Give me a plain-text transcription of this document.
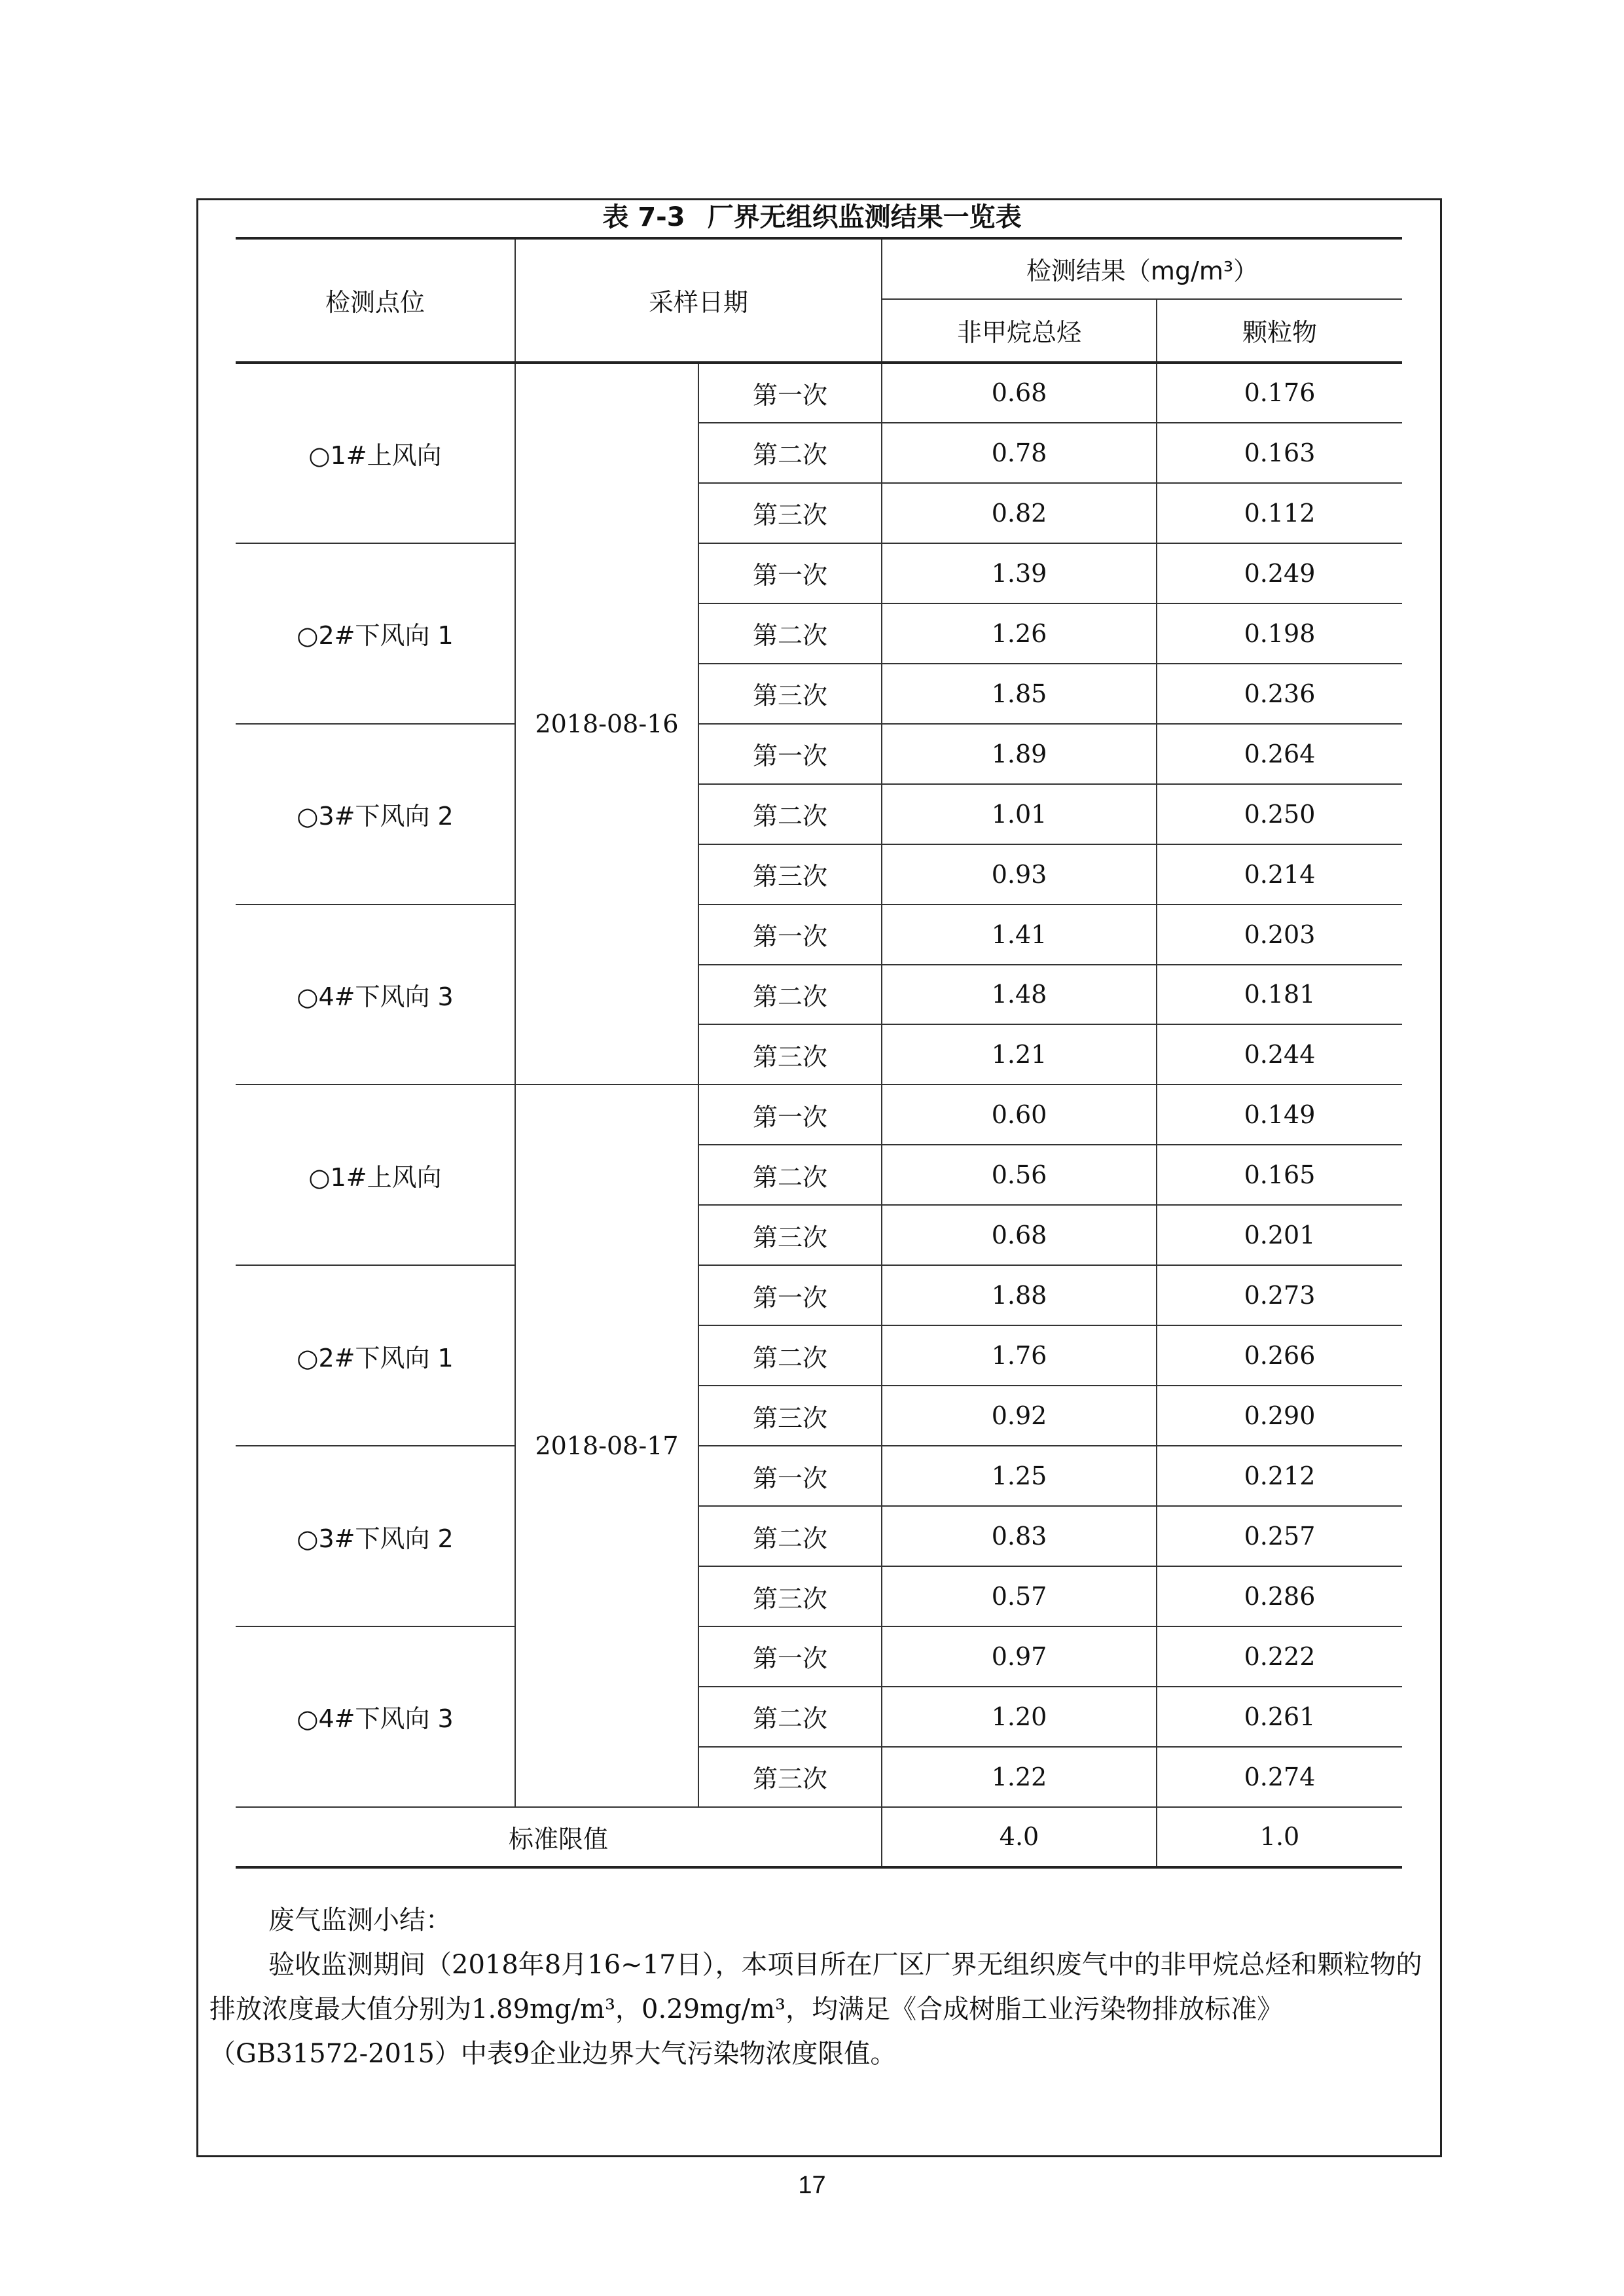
表 7-3 厂界无组织监测结果一览表
检测点位	采样日期		检测结果（mg/m³）	
			非甲烷总烃	颗粒物
○1#上风向	2018-08-16	第一次	0.68	0.176
		第二次	0.78	0.163
		第三次	0.82	0.112
○2#下风向 1		第一次	1.39	0.249
		第二次	1.26	0.198
		第三次	1.85	0.236
○3#下风向 2		第一次	1.89	0.264
		第二次	1.01	0.250
		第三次	0.93	0.214
○4#下风向 3		第一次	1.41	0.203
		第二次	1.48	0.181
		第三次	1.21	0.244
○1#上风向	2018-08-17	第一次	0.60	0.149
		第二次	0.56	0.165
		第三次	0.68	0.201
○2#下风向 1		第一次	1.88	0.273
		第二次	1.76	0.266
		第三次	0.92	0.290
○3#下风向 2		第一次	1.25	0.212
		第二次	0.83	0.257
		第三次	0.57	0.286
○4#下风向 3		第一次	0.97	0.222
		第二次	1.20	0.261
		第三次	1.22	0.274
标准限值			4.0	1.0

废气监测小结：

验收监测期间（2018年8月16~17日），本项目所在厂区厂界无组织废气中的非甲烷总烃和颗粒物的排放浓度最大值分别为1.89mg/m³，0.29mg/m³，均满足《合成树脂工业污染物排放标准》（GB31572-2015）中表9企业边界大气污染物浓度限值。

17
